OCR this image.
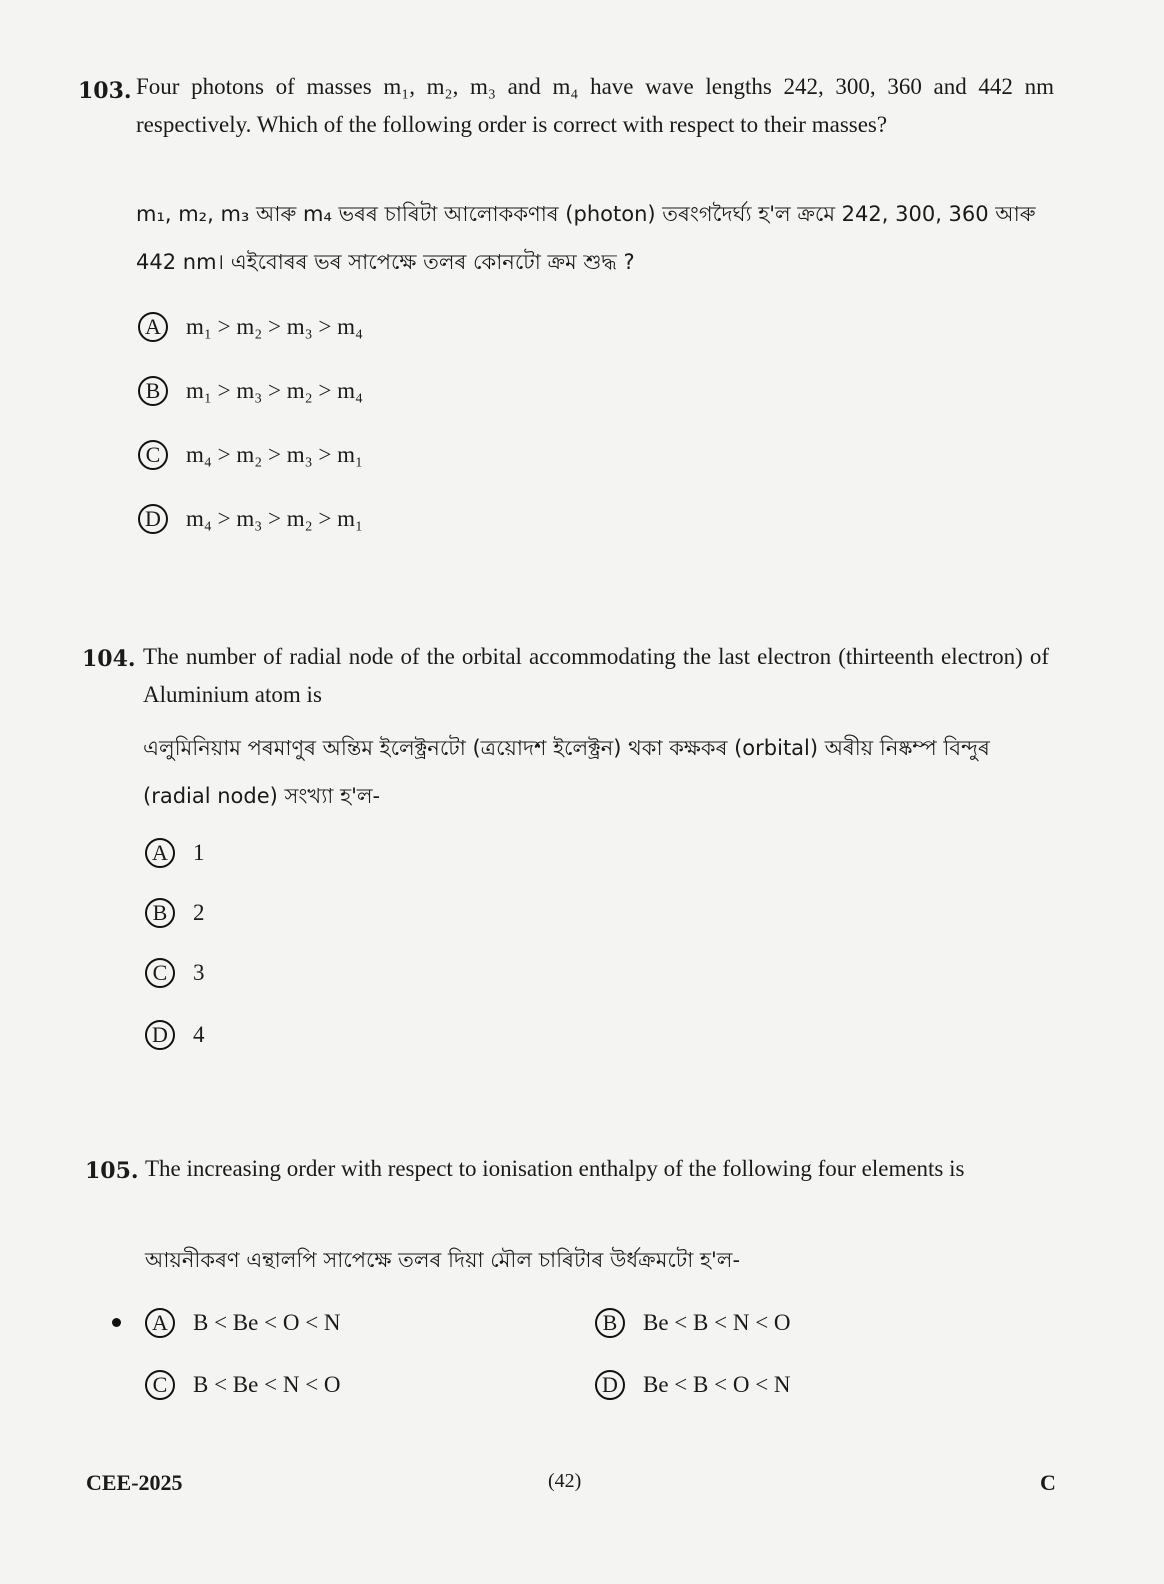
103. Four photons of masses m₁, m₂, m₃ and m₄ have wave lengths 242, 300, 360 and 442 nm respectively. Which of the following order is correct with respect to their masses?
m₁, m₂, m₃ আৰু m₄ ভৰৰ চাৰিটা আলোককণাৰ (photon) তৰংগদৈৰ্ঘ্য হ'ল ক্ৰমে 242, 300, 360 আৰু 442 nm। এইবোৰৰ ভৰ সাপেক্ষে তলৰ কোনটো ক্ৰম শুদ্ধ ?
A	m₁ > m₂ > m₃ > m₄
B	m₁ > m₃ > m₂ > m₄
C	m₄ > m₂ > m₃ > m₁
D	m₄ > m₃ > m₂ > m₁
104. The number of radial node of the orbital accommodating the last electron (thirteenth electron) of Aluminium atom is
এলুমিনিয়াম পৰমাণুৰ অন্তিম ইলেক্ট্ৰনটো (ত্ৰয়োদশ ইলেক্ট্ৰন) থকা কক্ষকৰ (orbital) অৰীয় নিষ্কম্প বিন্দুৰ (radial node) সংখ্যা হ'ল-
A	1
B	2
C	3
D	4
105. The increasing order with respect to ionisation enthalpy of the following four elements is
আয়নীকৰণ এন্থালপি সাপেক্ষে তলৰ দিয়া মৌল চাৰিটাৰ উৰ্ধক্ৰমটো হ'ল-
A	B < Be < O < N	B	Be < B < N < O
C	B < Be < N < O	D	Be < B < O < N
CEE-2025	(42)	C
